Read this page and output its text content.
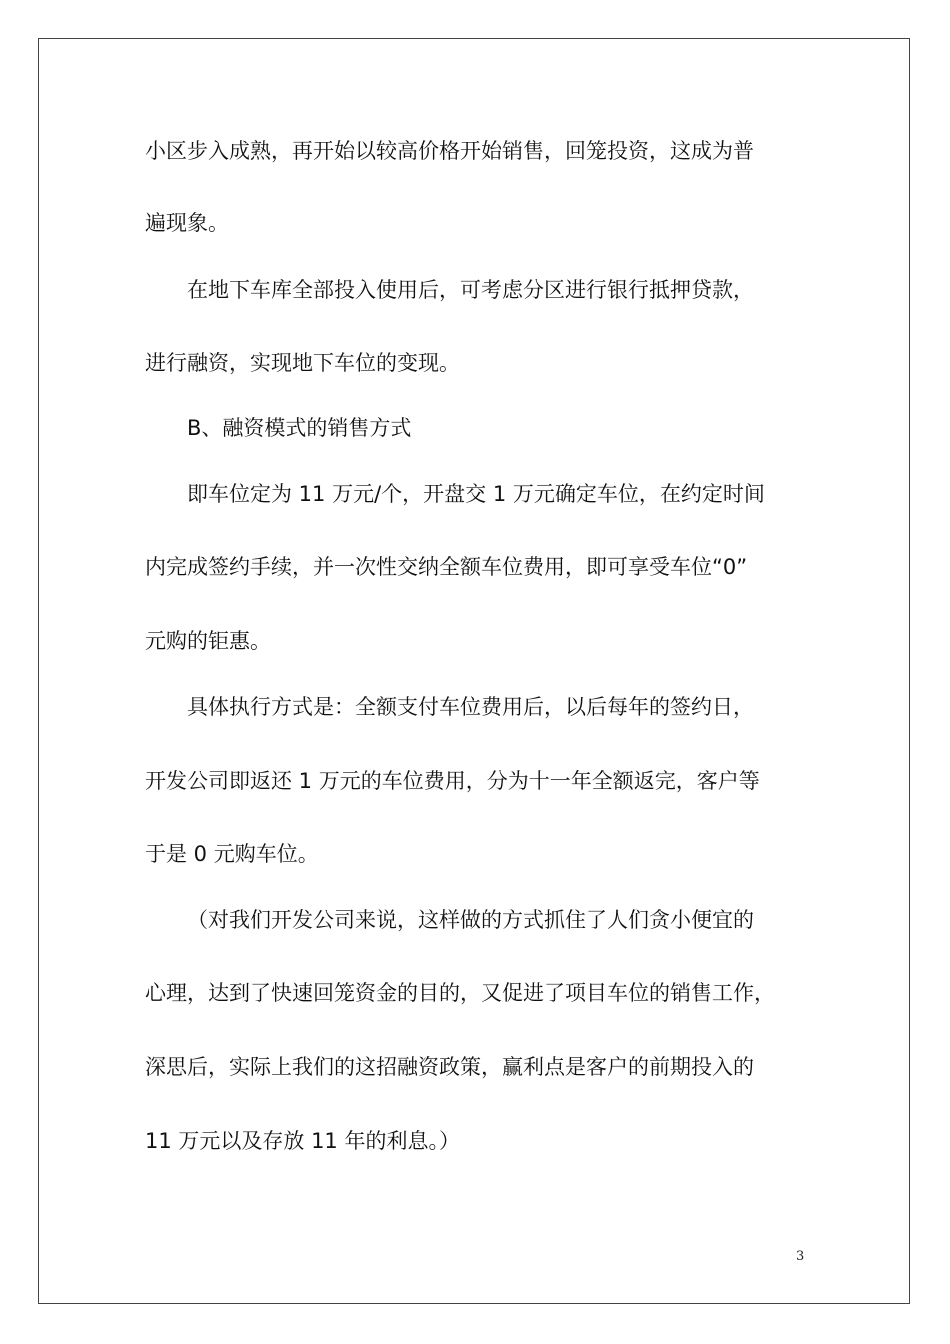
小区步入成熟，再开始以较高价格开始销售，回笼投资，这成为普
遍现象。
在地下车库全部投入使用后，可考虑分区进行银行抵押贷款，
进行融资，实现地下车位的变现。
B、融资模式的销售方式
即车位定为 11 万元/个，开盘交 1 万元确定车位，在约定时间
内完成签约手续，并一次性交纳全额车位费用，即可享受车位“0”
元购的钜惠。
具体执行方式是：全额支付车位费用后，以后每年的签约日，
开发公司即返还 1 万元的车位费用，分为十一年全额返完，客户等
于是 0 元购车位。
（对我们开发公司来说，这样做的方式抓住了人们贪小便宜的
心理，达到了快速回笼资金的目的，又促进了项目车位的销售工作，
深思后，实际上我们的这招融资政策，赢利点是客户的前期投入的
11 万元以及存放 11 年的利息。）
3
